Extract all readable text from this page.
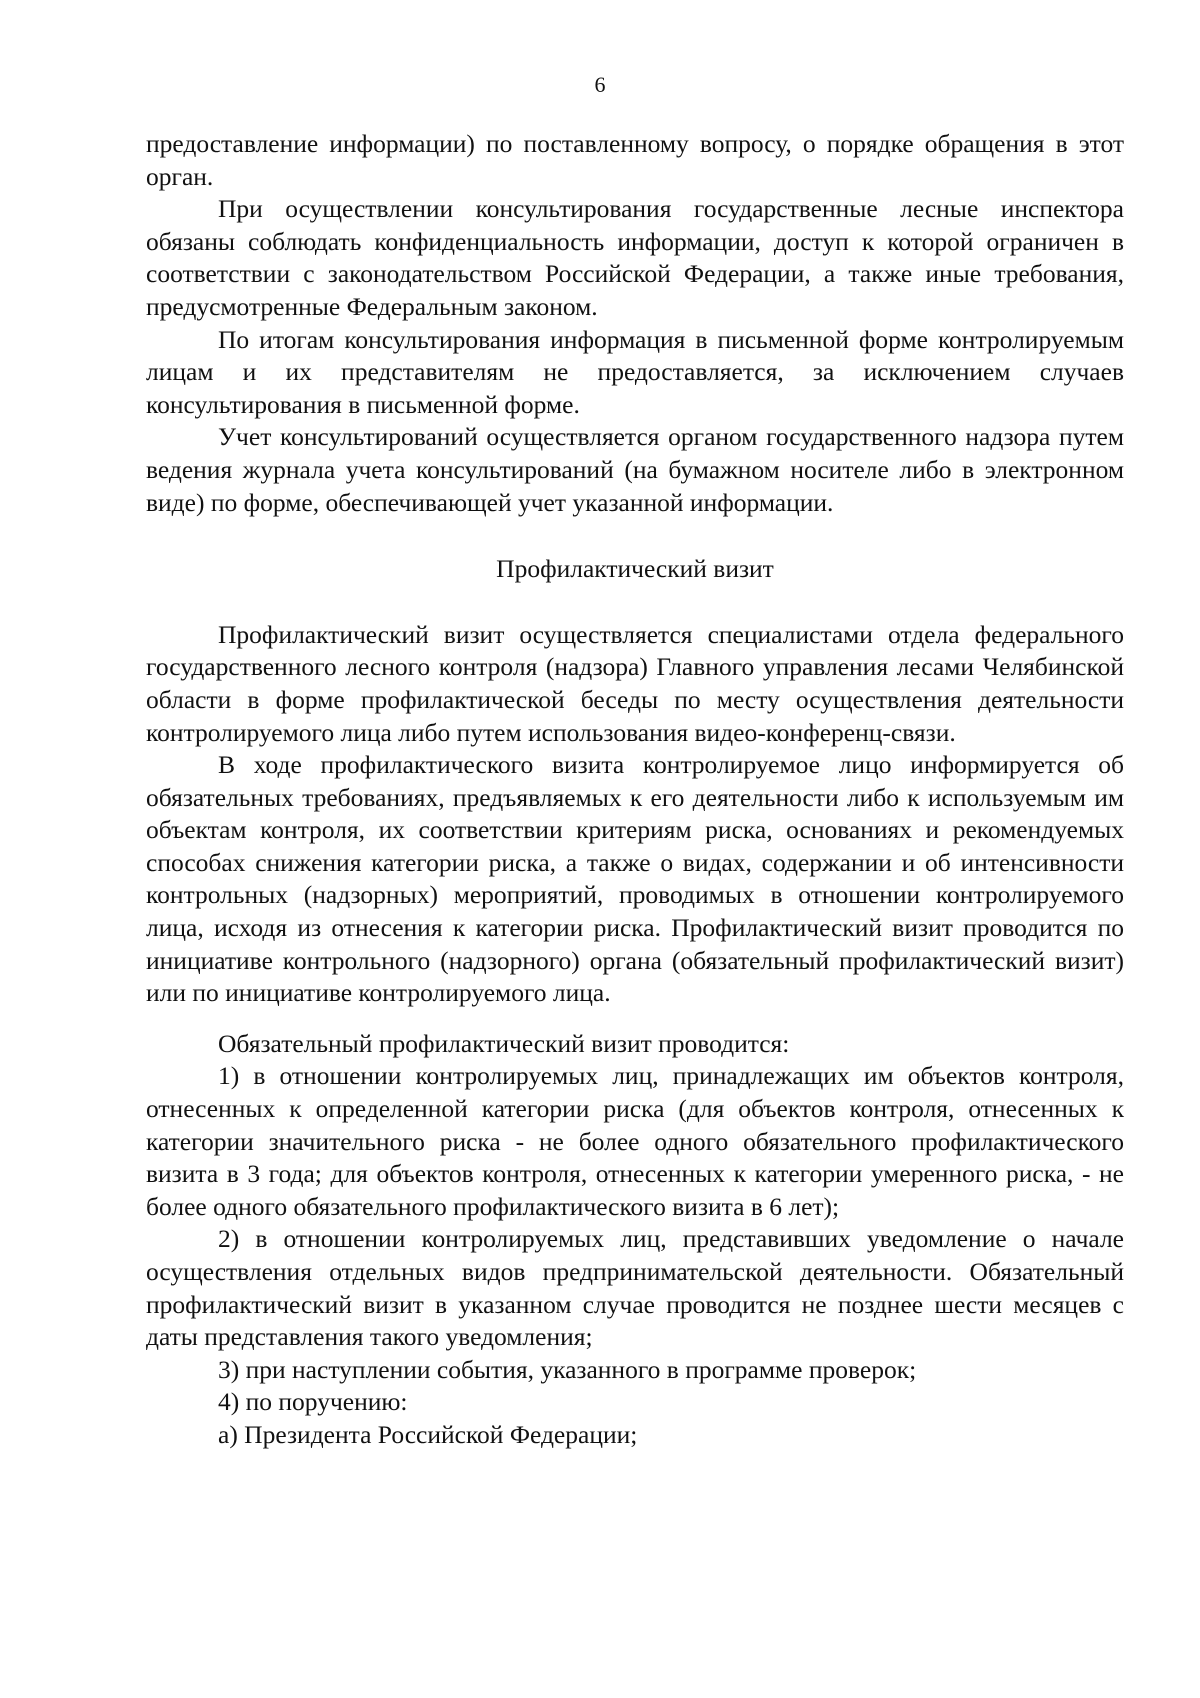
6

предоставление информации) по поставленному вопросу, о порядке обращения в этот орган.

При осуществлении консультирования государственные лесные инспектора обязаны соблюдать конфиденциальность информации, доступ к которой ограничен в соответствии с законодательством Российской Федерации, а также иные требования, предусмотренные Федеральным законом.

По итогам консультирования информация в письменной форме контролируемым лицам и их представителям не предоставляется, за исключением случаев консультирования в письменной форме.

Учет консультирований осуществляется органом государственного надзора путем ведения журнала учета консультирований (на бумажном носителе либо в электронном виде) по форме, обеспечивающей учет указанной информации.

Профилактический визит

Профилактический визит осуществляется специалистами отдела федерального государственного лесного контроля (надзора) Главного управления лесами Челябинской области в форме профилактической беседы по месту осуществления деятельности контролируемого лица либо путем использования видео-конференц-связи.

В ходе профилактического визита контролируемое лицо информируется об обязательных требованиях, предъявляемых к его деятельности либо к используемым им объектам контроля, их соответствии критериям риска, основаниях и рекомендуемых способах снижения категории риска, а также о видах, содержании и об интенсивности контрольных (надзорных) мероприятий, проводимых в отношении контролируемого лица, исходя из отнесения к категории риска. Профилактический визит проводится по инициативе контрольного (надзорного) органа (обязательный профилактический визит) или по инициативе контролируемого лица.

Обязательный профилактический визит проводится:

1) в отношении контролируемых лиц, принадлежащих им объектов контроля, отнесенных к определенной категории риска (для объектов контроля, отнесенных к категории значительного риска - не более одного обязательного профилактического визита в 3 года; для объектов контроля, отнесенных к категории умеренного риска, - не более одного обязательного профилактического визита в 6 лет);

2) в отношении контролируемых лиц, представивших уведомление о начале осуществления отдельных видов предпринимательской деятельности. Обязательный профилактический визит в указанном случае проводится не позднее шести месяцев с даты представления такого уведомления;

3) при наступлении события, указанного в программе проверок;

4) по поручению:

а) Президента Российской Федерации;
